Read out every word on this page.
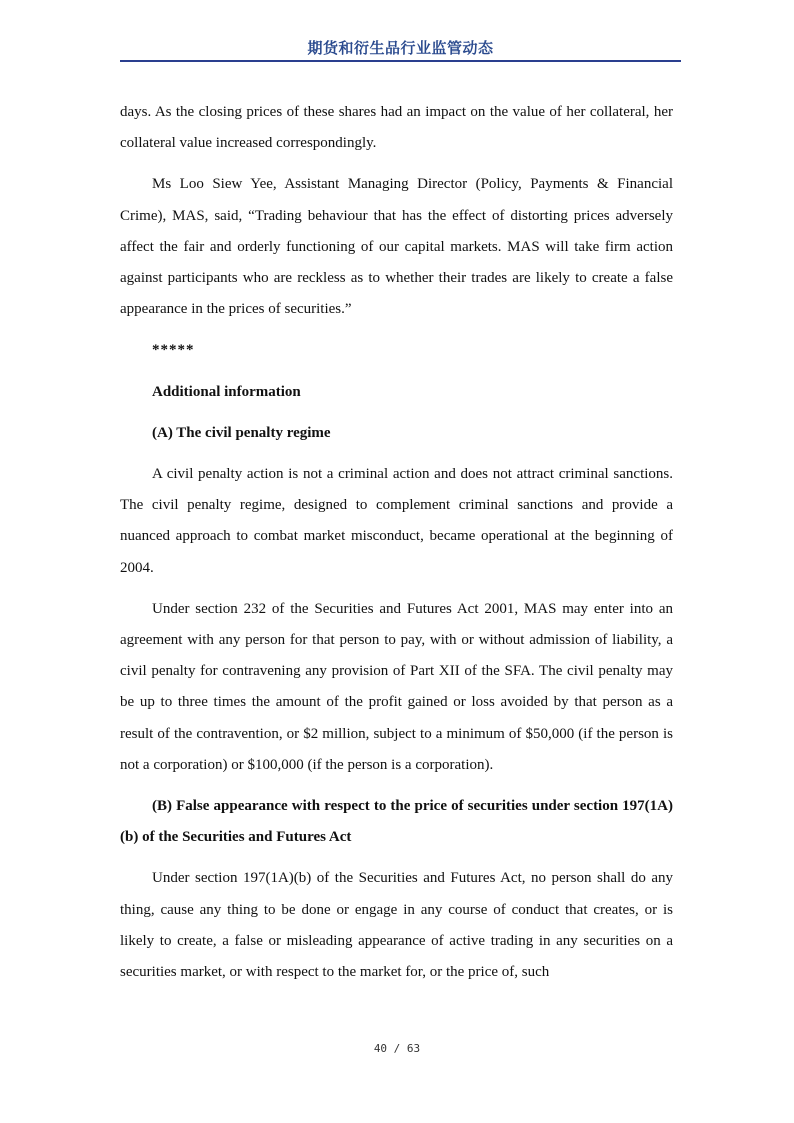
期货和衍生品行业监管动态

days. As the closing prices of these shares had an impact on the value of her collateral, her collateral value increased correspondingly.

Ms Loo Siew Yee, Assistant Managing Director (Policy, Payments & Financial Crime), MAS, said, “Trading behaviour that has the effect of distorting prices adversely affect the fair and orderly functioning of our capital markets. MAS will take firm action against participants who are reckless as to whether their trades are likely to create a false appearance in the prices of securities.”

*****

Additional information

(A) The civil penalty regime

A civil penalty action is not a criminal action and does not attract criminal sanctions. The civil penalty regime, designed to complement criminal sanctions and provide a nuanced approach to combat market misconduct, became operational at the beginning of 2004.

Under section 232 of the Securities and Futures Act 2001, MAS may enter into an agreement with any person for that person to pay, with or without admission of liability, a civil penalty for contravening any provision of Part XII of the SFA. The civil penalty may be up to three times the amount of the profit gained or loss avoided by that person as a result of the contravention, or $2 million, subject to a minimum of $50,000 (if the person is not a corporation) or $100,000 (if the person is a corporation).

(B) False appearance with respect to the price of securities under section 197(1A)(b) of the Securities and Futures Act

Under section 197(1A)(b) of the Securities and Futures Act, no person shall do any thing, cause any thing to be done or engage in any course of conduct that creates, or is likely to create, a false or misleading appearance of active trading in any securities on a securities market, or with respect to the market for, or the price of, such

40 / 63
